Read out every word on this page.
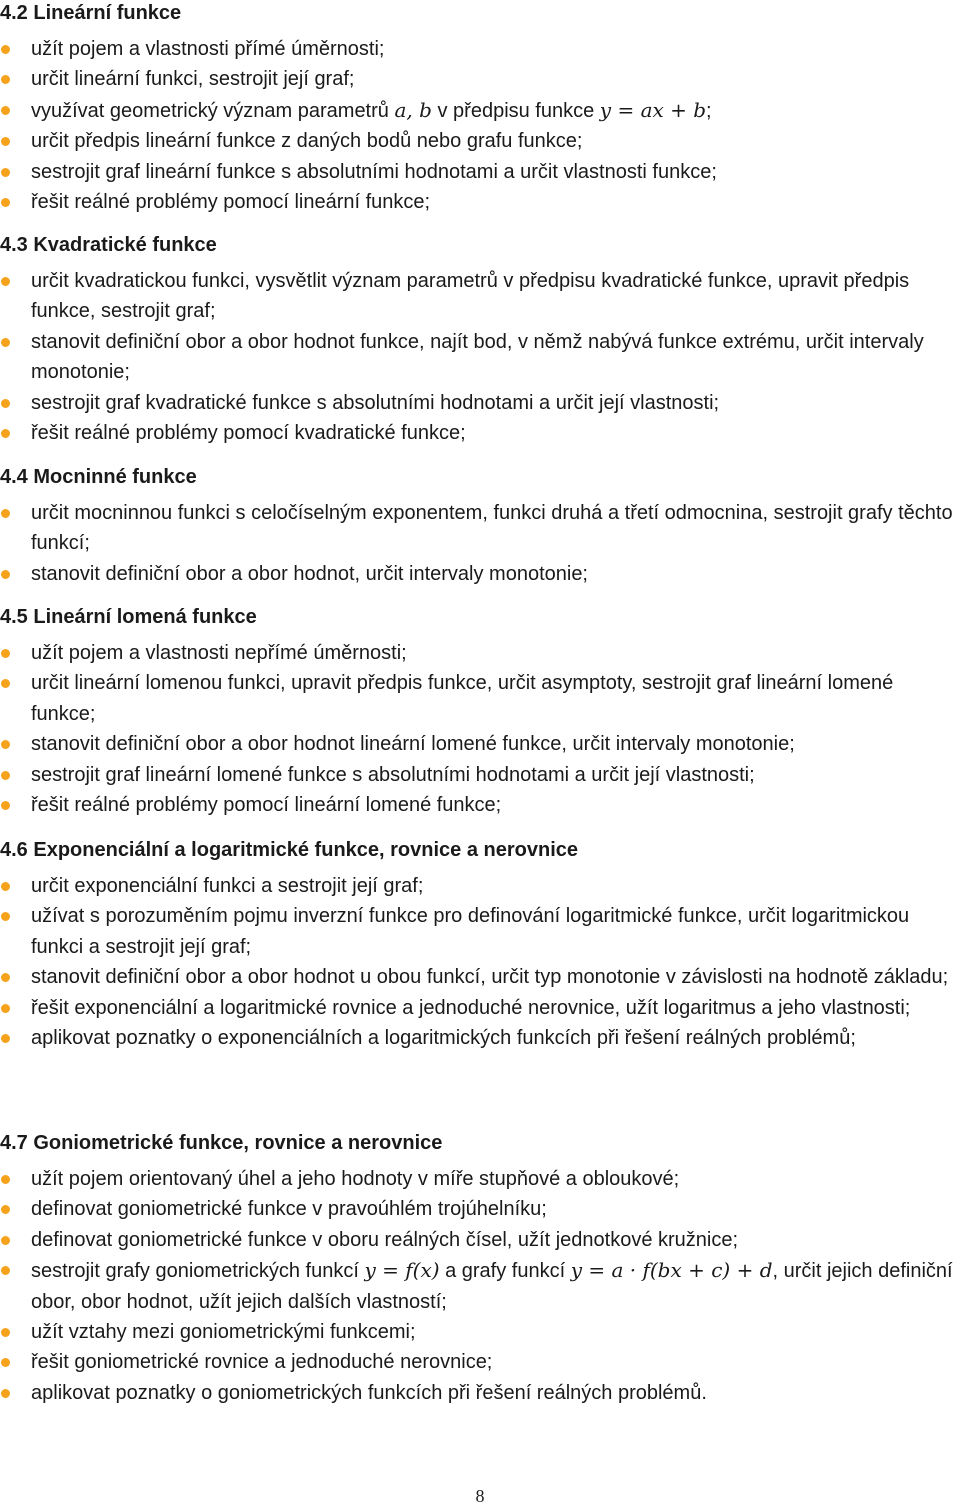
4.2 Lineární funkce
užít pojem a vlastnosti přímé úměrnosti;
určit lineární funkci, sestrojit její graf;
využívat geometrický význam parametrů a, b v předpisu funkce y = ax + b;
určit předpis lineární funkce z daných bodů nebo grafu funkce;
sestrojit graf lineární funkce s absolutními hodnotami a určit vlastnosti funkce;
řešit reálné problémy pomocí lineární funkce;
4.3 Kvadratické funkce
určit kvadratickou funkci, vysvětlit význam parametrů v předpisu kvadratické funkce, upravit předpis funkce, sestrojit graf;
stanovit definiční obor a obor hodnot funkce, najít bod, v němž nabývá funkce extrému, určit intervaly monotonie;
sestrojit graf kvadratické funkce s absolutními hodnotami a určit její vlastnosti;
řešit reálné problémy pomocí kvadratické funkce;
4.4 Mocninné funkce
určit mocninnou funkci s celočíselným exponentem, funkci druhá a třetí odmocnina, sestrojit grafy těchto funkcí;
stanovit definiční obor a obor hodnot, určit intervaly monotonie;
4.5 Lineární lomená funkce
užít pojem a vlastnosti nepřímé úměrnosti;
určit lineární lomenou funkci, upravit předpis funkce, určit asymptoty, sestrojit graf lineární lomené funkce;
stanovit definiční obor a obor hodnot lineární lomené funkce, určit intervaly monotonie;
sestrojit graf lineární lomené funkce s absolutními hodnotami a určit její vlastnosti;
řešit reálné problémy pomocí lineární lomené funkce;
4.6 Exponenciální a logaritmické funkce, rovnice a nerovnice
určit exponenciální funkci a sestrojit její graf;
užívat s porozuměním pojmu inverzní funkce pro definování logaritmické funkce, určit logaritmickou funkci a sestrojit její graf;
stanovit definiční obor a obor hodnot u obou funkcí, určit typ monotonie v závislosti na hodnotě základu;
řešit exponenciální a logaritmické rovnice a jednoduché nerovnice, užít logaritmus a jeho vlastnosti;
aplikovat poznatky o exponenciálních a logaritmických funkcích při řešení reálných problémů;
4.7 Goniometrické funkce, rovnice a nerovnice
užít pojem orientovaný úhel a jeho hodnoty v míře stupňové a obloukové;
definovat goniometrické funkce v pravoúhlém trojúhelníku;
definovat goniometrické funkce v oboru reálných čísel, užít jednotkové kružnice;
sestrojit grafy goniometrických funkcí y = f(x) a grafy funkcí y = a · f(bx + c) + d, určit jejich definiční obor, obor hodnot, užít jejich dalších vlastností;
užít vztahy mezi goniometrickými funkcemi;
řešit goniometrické rovnice a jednoduché nerovnice;
aplikovat poznatky o goniometrických funkcích při řešení reálných problémů.
8
